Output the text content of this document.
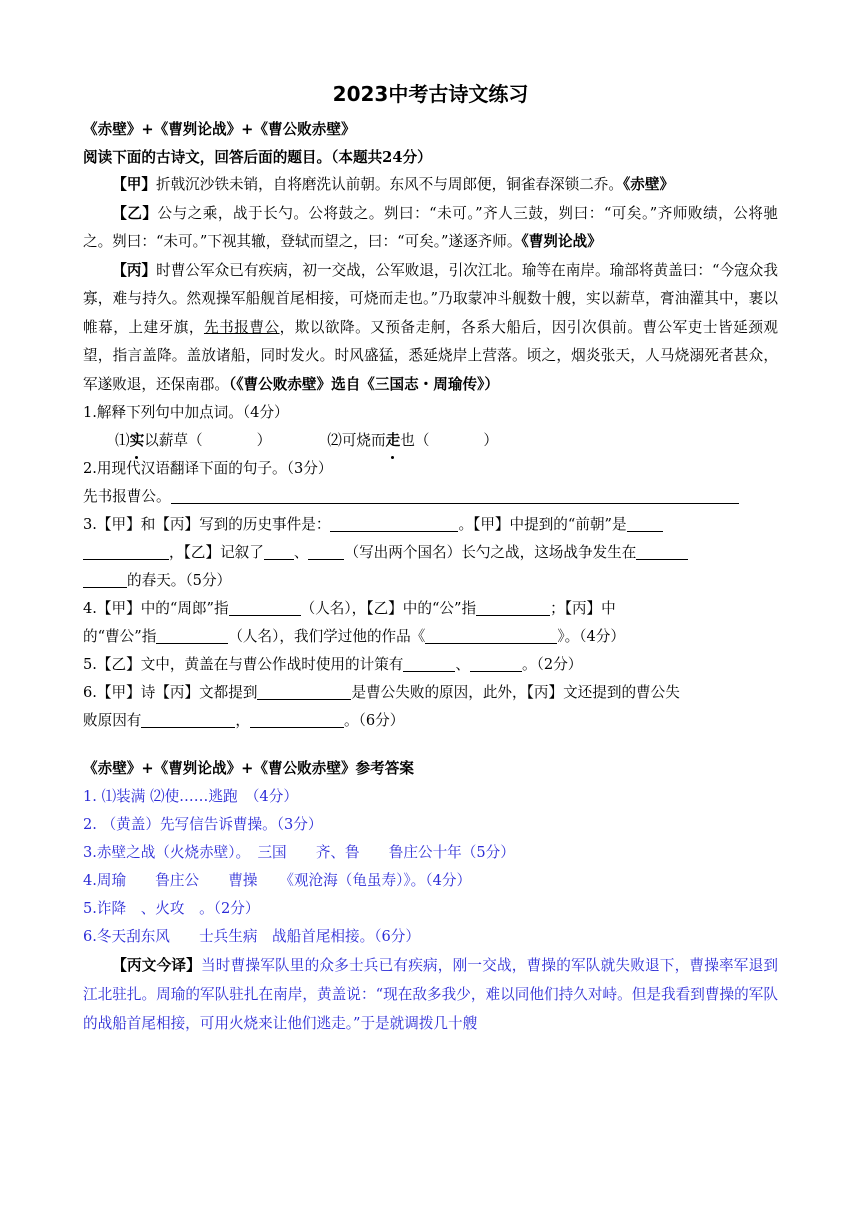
2023中考古诗文练习
《赤壁》+《曹刿论战》+《曹公败赤壁》
阅读下面的古诗文，回答后面的题目。（本题共24分）

【甲】折戟沉沙铁未销，自将磨洗认前朝。东风不与周郎便，铜雀春深锁二乔。《赤壁》

【乙】公与之乘，战于长勺。公将鼓之。刿曰：“未可。”齐人三鼓，刿曰：“可矣。”齐师败绩，公将驰之。刿曰：“未可。”下视其辙，登轼而望之，曰：“可矣。”遂逐齐师。《曹刿论战》

【丙】时曹公军众已有疾病，初一交战，公军败退，引次江北。瑜等在南岸。瑜部将黄盖曰：“今寇众我寡，难与持久。然观操军船舰首尾相接，可烧而走也。”乃取蒙冲斗舰数十艘，实以薪草，膏油灌其中，裹以帷幕，上建牙旗，先书报曹公，欺以欲降。又预备走舸，各系大船后，因引次俱前。曹公军吏士皆延颈观望，指言盖降。盖放诸船，同时发火。时风盛猛，悉延烧岸上营落。顷之，烟炎张天，人马烧溺死者甚众，军遂败退，还保南郡。（《曹公败赤壁》选自《三国志・周瑜传》）

1.解释下列句中加点词。（4分）

⑴实以薪草（	）	⑵可烧而走也（	）

2.用现代汉语翻译下面的句子。（3分）

先书报曹公。

3.【甲】和【丙】写到的历史事件是：	。【甲】中提到的“前朝”是

，【乙】记叙了 、 （写出两个国名）长勺之战，这场战争发生在

的春天。（5分）

4.【甲】中的“周郎”指	（人名），【乙】中的“公”指	；【丙】中

的“曹公”指	（人名），我们学过他的作品《	》。（4分）

5.【乙】文中，黄盖在与曹公作战时使用的计策有	、	。（2分）

6.【甲】诗【丙】文都提到	是曹公失败的原因，此外，【丙】文还提到的曹公失

败原因有	，	。（6分）

《赤壁》+《曹刿论战》+《曹公败赤壁》参考答案

1. ⑴装满 ⑵使……逃跑　（4分）

2. （黄盖）先写信告诉曹操。（3分）

3.赤壁之战（火烧赤壁）。　三国　　齐、鲁　　鲁庄公十年（5分）

4.周瑜　　鲁庄公　　曹操　　《观沧海（龟虽寿）》。（4分）

5.诈降　、火攻　。（2分）

6.冬天刮东风　　士兵生病　战船首尾相接。（6分）

【丙文今译】当时曹操军队里的众多士兵已有疾病，刚一交战，曹操的军队就失败退下，曹操率军退到江北驻扎。周瑜的军队驻扎在南岸，黄盖说：“现在敌多我少，难以同他们持久对峙。但是我看到曹操的军队的战船首尾相接，可用火烧来让他们逃走。”于是就调拨几十艘
